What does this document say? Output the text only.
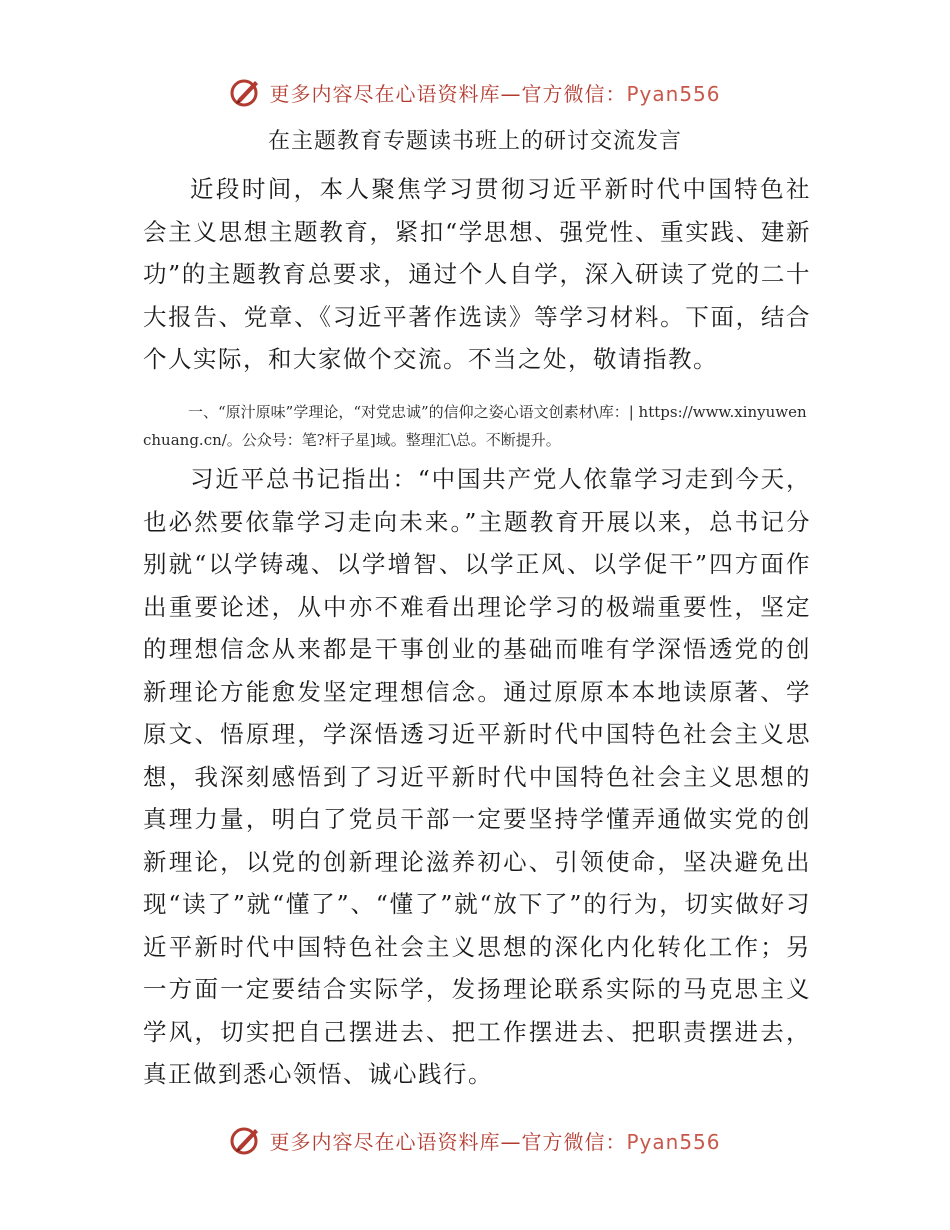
更多内容尽在心语资料库—官方微信：Pyan556
在主题教育专题读书班上的研讨交流发言

近段时间，本人聚焦学习贯彻习近平新时代中国特色社会主义思想主题教育，紧扣“学思想、强党性、重实践、建新功”的主题教育总要求，通过个人自学，深入研读了党的二十大报告、党章、《习近平著作选读》等学习材料。下面，结合个人实际，和大家做个交流。不当之处，敬请指教。

一、“原汁原味”学理论，“对党忠诚”的信仰之姿心语文创素材\库：| https://www.xinyuwenchuang.cn/。公众号：笔?杆子星]域。整理汇\总。不断提升。

习近平总书记指出：“中国共产党人依靠学习走到今天，也必然要依靠学习走向未来。”主题教育开展以来，总书记分别就“以学铸魂、以学增智、以学正风、以学促干”四方面作出重要论述，从中亦不难看出理论学习的极端重要性，坚定的理想信念从来都是干事创业的基础而唯有学深悟透党的创新理论方能愈发坚定理想信念。通过原原本本地读原著、学原文、悟原理，学深悟透习近平新时代中国特色社会主义思想，我深刻感悟到了习近平新时代中国特色社会主义思想的真理力量，明白了党员干部一定要坚持学懂弄通做实党的创新理论，以党的创新理论滋养初心、引领使命，坚决避免出现“读了”就“懂了”、“懂了”就“放下了”的行为，切实做好习近平新时代中国特色社会主义思想的深化内化转化工作；另一方面一定要结合实际学，发扬理论联系实际的马克思主义学风，切实把自己摆进去、把工作摆进去、把职责摆进去，真正做到悉心领悟、诚心践行。

更多内容尽在心语资料库—官方微信：Pyan556
